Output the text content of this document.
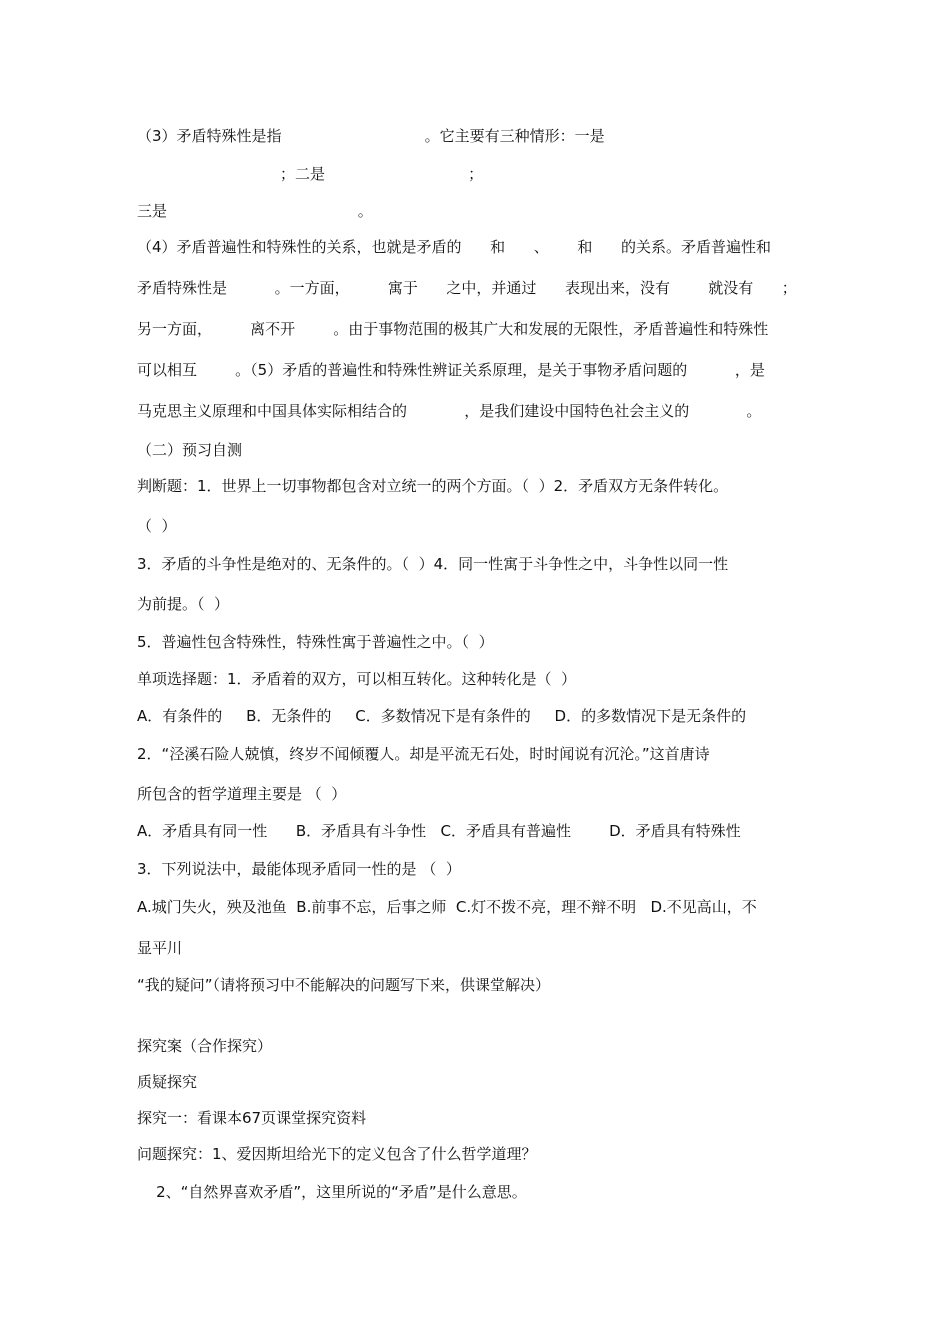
（3）矛盾特殊性是指                              。它主要有三种情形：一是
；二是                              ；
三是                                        。
（4）矛盾普遍性和特殊性的关系，也就是矛盾的      和      、      和      的关系。矛盾普遍性和
矛盾特殊性是          。一方面，        寓于      之中，并通过      表现出来，没有        就没有      ；
另一方面，        离不开        。由于事物范围的极其广大和发展的无限性，矛盾普遍性和特殊性
可以相互        。（5）矛盾的普遍性和特殊性辨证关系原理，是关于事物矛盾问题的          ，是
马克思主义原理和中国具体实际相结合的            ，是我们建设中国特色社会主义的            。
（二）预习自测
判断题：1．世界上一切事物都包含对立统一的两个方面。（  ）2．矛盾双方无条件转化。
（  ）
3．矛盾的斗争性是绝对的、无条件的。（  ）4．同一性寓于斗争性之中，斗争性以同一性
为前提。（  ）
5．普遍性包含特殊性，特殊性寓于普遍性之中。（  ）
单项选择题：1．矛盾着的双方，可以相互转化。这种转化是（  ）
A．有条件的     B．无条件的     C．多数情况下是有条件的     D．的多数情况下是无条件的
2．“泾溪石险人兢慎，终岁不闻倾覆人。却是平流无石处，时时闻说有沉沦。”这首唐诗
所包含的哲学道理主要是 （  ）
A．矛盾具有同一性      B．矛盾具有斗争性   C．矛盾具有普遍性        D．矛盾具有特殊性
3．下列说法中，最能体现矛盾同一性的是 （  ）
A.城门失火，殃及池鱼  B.前事不忘，后事之师  C.灯不拨不亮，理不辩不明   D.不见高山，不
显平川
“我的疑问”（请将预习中不能解决的问题写下来，供课堂解决）
探究案（合作探究）
质疑探究
探究一：看课本67页课堂探究资料
问题探究：1、爱因斯坦给光下的定义包含了什么哲学道理？
2、“自然界喜欢矛盾”，这里所说的“矛盾”是什么意思。
